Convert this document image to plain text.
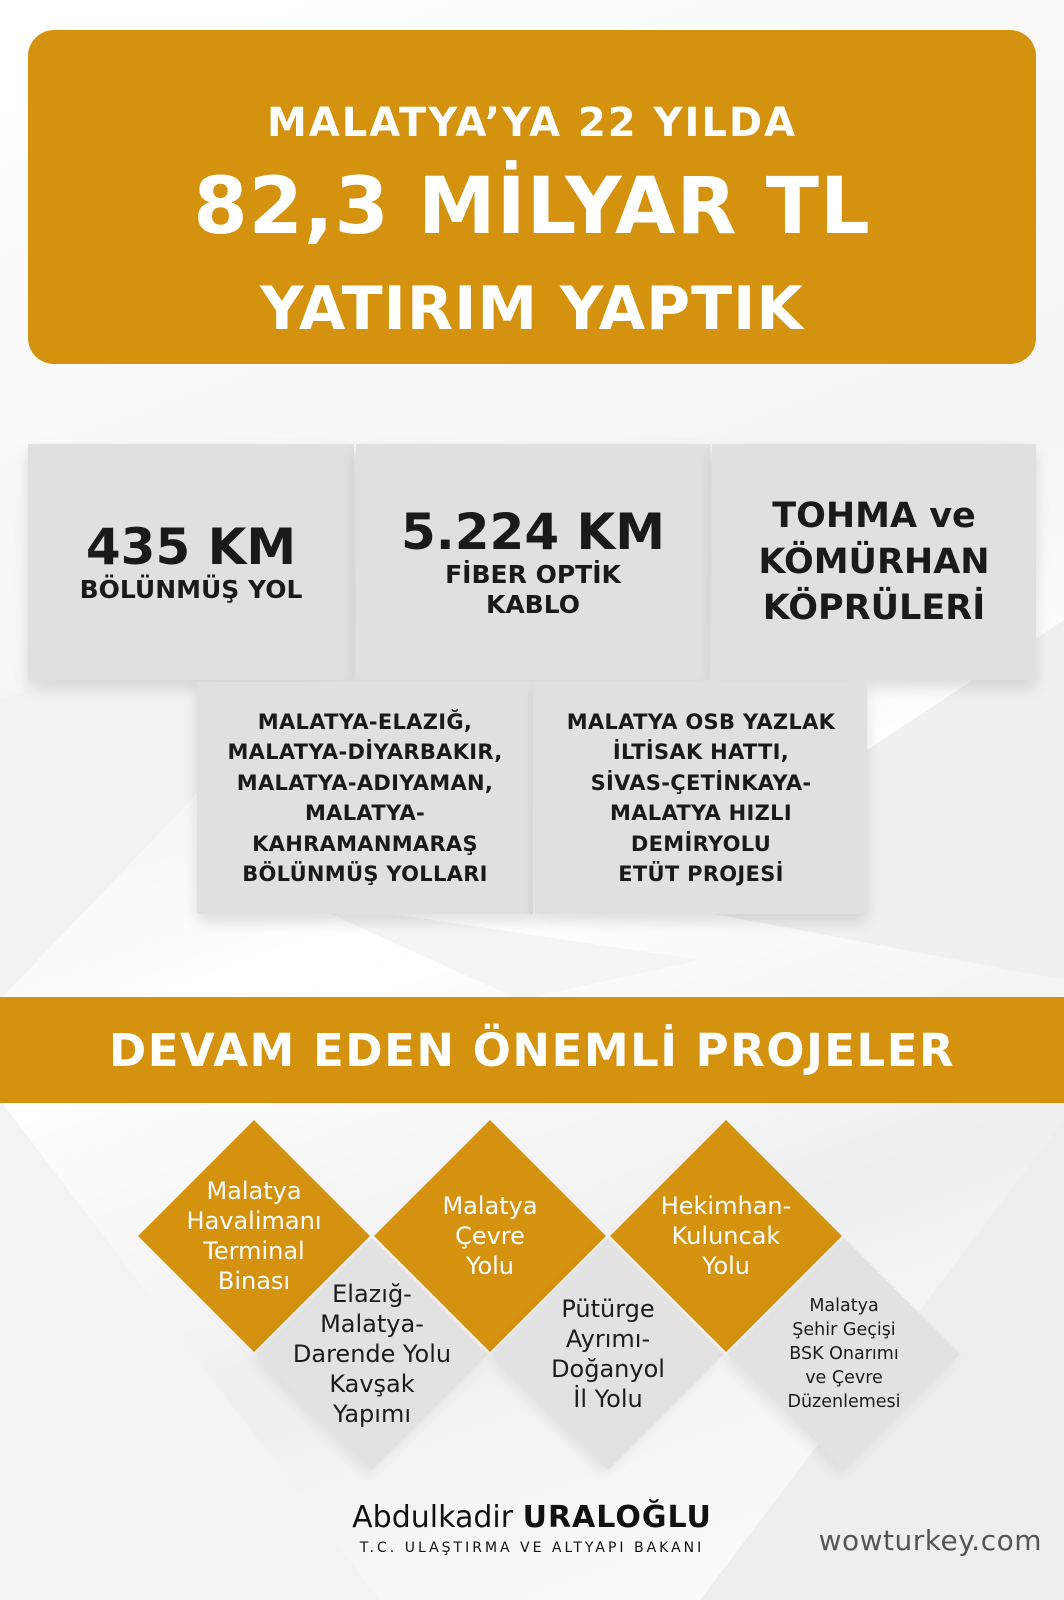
MALATYA’YA 22 YILDA
82,3 MİLYAR TL
YATIRIM YAPTIK
435 KM
BÖLÜNMÜŞ YOL
5.224 KM
FİBER OPTİK
KABLO
TOHMA ve
KÖMÜRHAN
KÖPRÜLERİ
MALATYA-ELAZIĞ,
MALATYA-DİYARBAKIR,
MALATYA-ADIYAMAN,
MALATYA-
KAHRAMANMARAŞ
BÖLÜNMÜŞ YOLLARI
MALATYA OSB YAZLAK
İLTİSAK HATTI,
SİVAS-ÇETİNKAYA-
MALATYA HIZLI
DEMİRYOLU
ETÜT PROJESİ
DEVAM EDEN ÖNEMLİ PROJELER
Malatya
Havalimanı
Terminal
Binası	Elazığ-
Malatya-
Darende Yolu
Kavşak
Yapımı
Malatya
Çevre
Yolu
Pütürge
Ayrımı-
Doğanyol
İl Yolu
Hekimhan-
Kuluncak
Yolu
Malatya
Şehir Geçişi
BSK Onarımı
ve Çevre
Düzenlemesi
Abdulkadir URALOĞLU
T.C. ULAŞTIRMA VE ALTYAPI BAKANI	wowturkey.com
